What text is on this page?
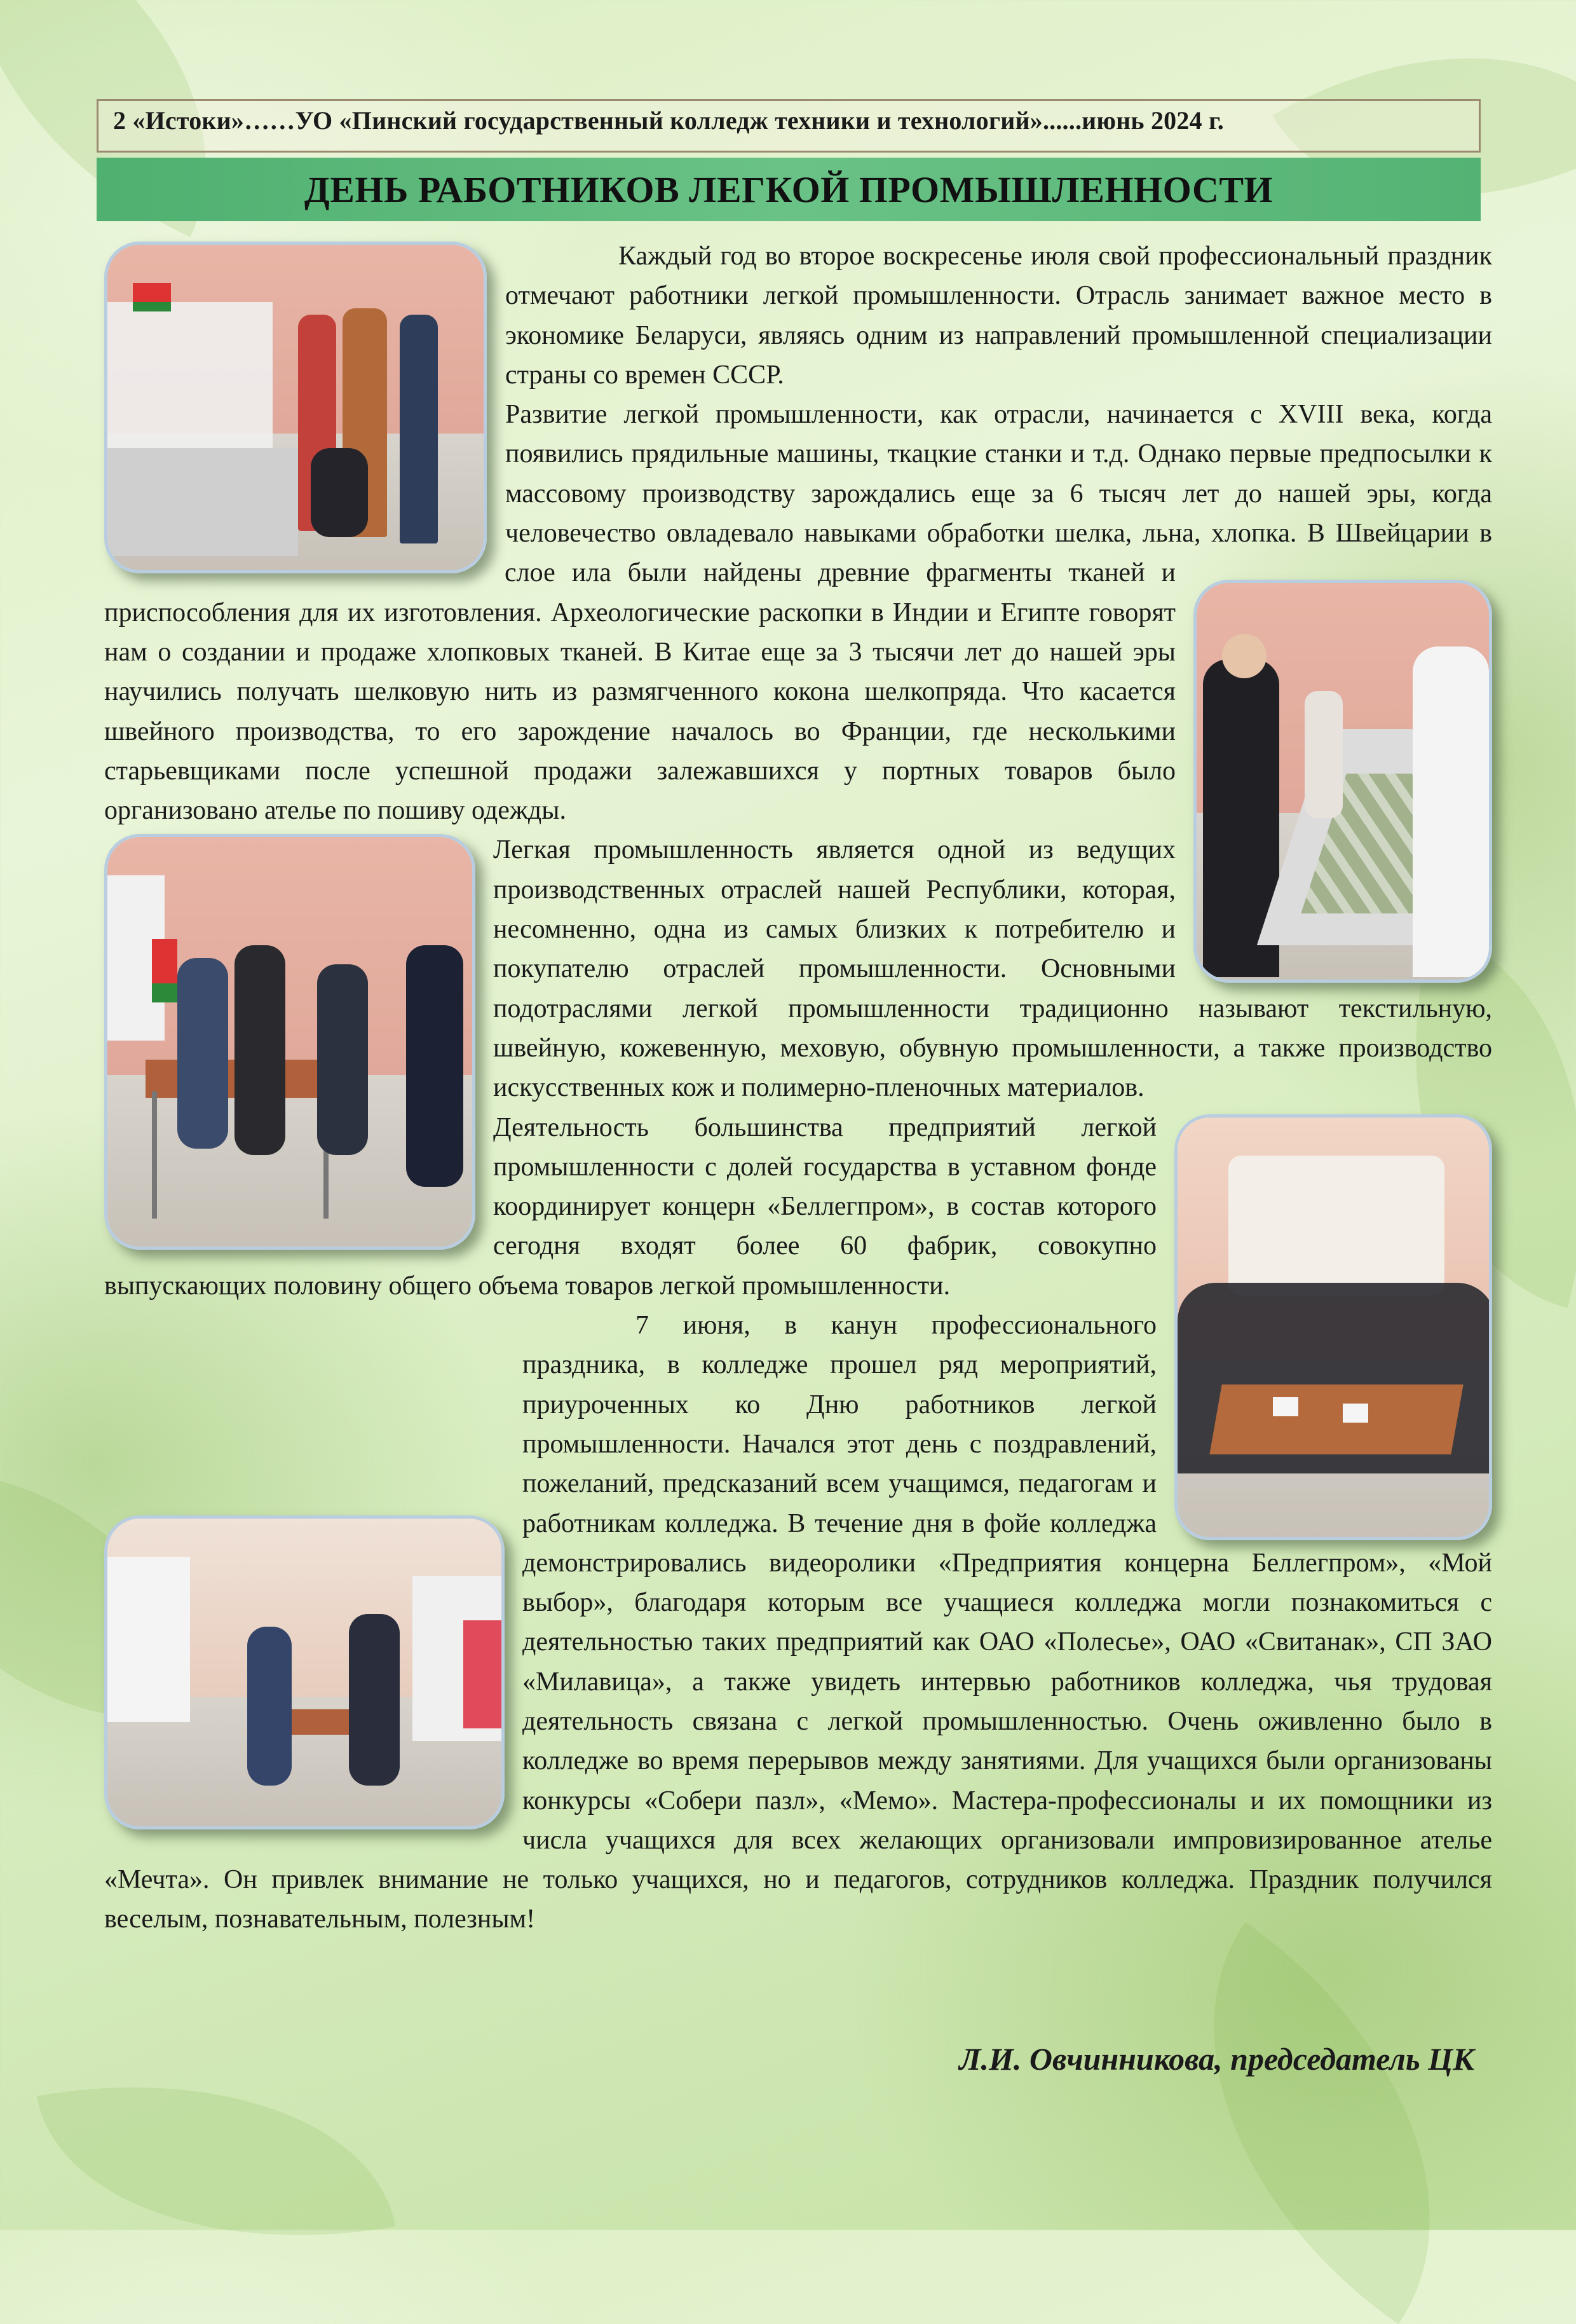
2 «Истоки»……УО «Пинский государственный колледж техники и технологий»......июнь 2024 г.
ДЕНЬ РАБОТНИКОВ ЛЕГКОЙ ПРОМЫШЛЕННОСТИ

Каждый год во второе воскресенье июля свой профессиональный праздник отмечают работники легкой промышленности. Отрасль занимает важное место в экономике Беларуси, являясь одним из направлений промышленной специализации страны со времен СССР.

Развитие легкой промышленности, как отрасли, начинается с XVIII века, когда появились прядильные машины, ткацкие станки и т.д. Однако первые предпосылки к массовому производству зарождались еще за 6 тысяч лет до нашей эры, когда человечество овладевало навыками обработки шелка, льна, хлопка. В Швейцарии в слое ила были найдены древние фрагменты тканей и приспособления для их изготовления. Археологические раскопки в Индии и Египте говорят нам о создании и продаже хлопковых тканей. В Китае еще за 3 тысячи лет до нашей эры научились получать шелковую нить из размягченного кокона шелкопряда. Что касается швейного производства, то его зарождение началось во Франции, где несколькими старьевщиками после успешной продажи залежавшихся у портных товаров было организовано ателье по пошиву одежды.

Легкая промышленность является одной из ведущих производственных отраслей нашей Республики, которая, несомненно, одна из самых близких к потребителю и покупателю отраслей промышленности. Основными подотраслями легкой промышленности традиционно называют текстильную, швейную, кожевенную, меховую, обувную промышленности, а также производство искусственных кож и полимерно-пленочных материалов.

Деятельность большинства предприятий легкой промышленности с долей государства в уставном фонде координирует концерн «Беллегпром», в состав которого сегодня входят более 60 фабрик, совокупно выпускающих половину общего объема товаров легкой промышленности.

7 июня, в канун профессионального праздника, в колледже прошел ряд мероприятий, приуроченных ко Дню работников легкой промышленности. Начался этот день с поздравлений, пожеланий, предсказаний всем учащимся, педагогам и работникам колледжа. В течение дня в фойе колледжа демонстрировались видеоролики «Предприятия концерна Беллегпром», «Мой выбор», благодаря которым все учащиеся колледжа могли познакомиться с деятельностью таких предприятий как ОАО «Полесье», ОАО «Свитанак», СП ЗАО «Милавица», а также увидеть интервью работников колледжа, чья трудовая деятельность связана с легкой промышленностью. Очень оживленно было в колледже во время перерывов между занятиями. Для учащихся были организованы конкурсы «Собери пазл», «Мемо». Мастера-профессионалы и их помощники из числа учащихся для всех желающих организовали импровизированное ателье «Мечта». Он привлек внимание не только учащихся, но и педагогов, сотрудников колледжа. Праздник получился веселым, познавательным, полезным!

Л.И. Овчинникова, председатель ЦК
